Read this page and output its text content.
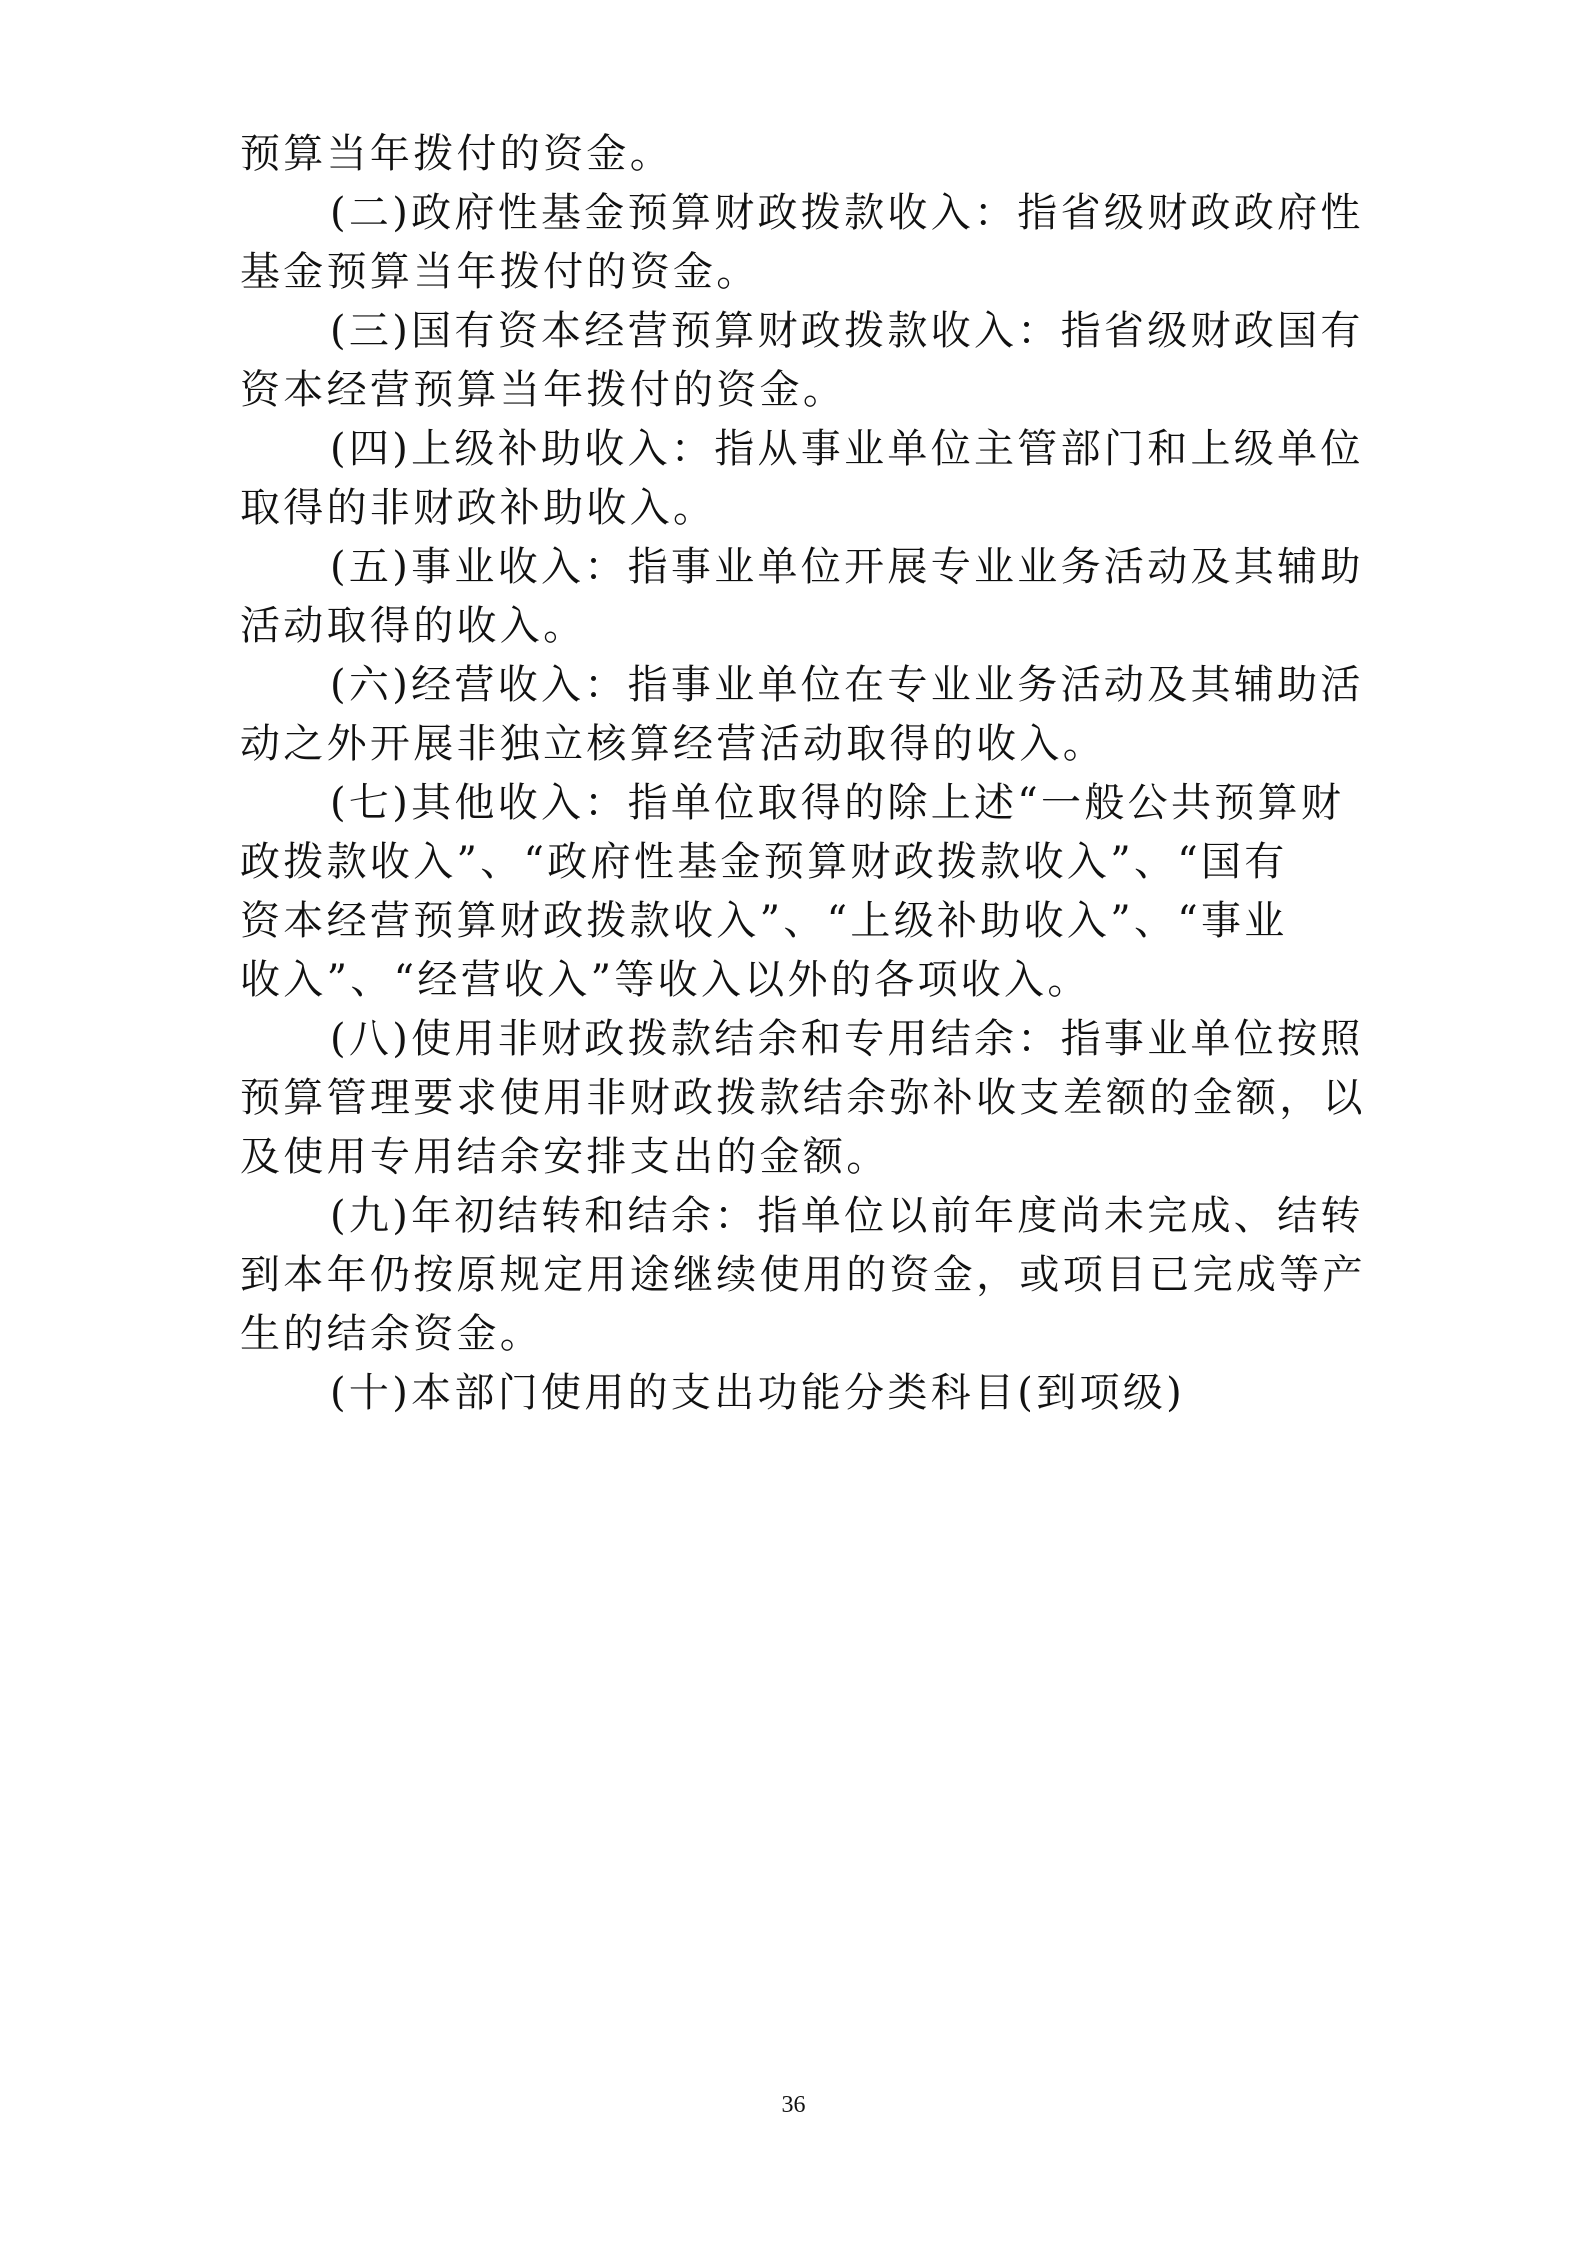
预算当年拨付的资金。
(二)政府性基金预算财政拨款收入：指省级财政政府性
基金预算当年拨付的资金。
(三)国有资本经营预算财政拨款收入：指省级财政国有
资本经营预算当年拨付的资金。
(四)上级补助收入：指从事业单位主管部门和上级单位
取得的非财政补助收入。
(五)事业收入：指事业单位开展专业业务活动及其辅助
活动取得的收入。
(六)经营收入：指事业单位在专业业务活动及其辅助活
动之外开展非独立核算经营活动取得的收入。
(七)其他收入：指单位取得的除上述“一般公共预算财
政拨款收入”、“政府性基金预算财政拨款收入”、“国有
资本经营预算财政拨款收入”、“上级补助收入”、“事业
收入”、“经营收入”等收入以外的各项收入。
(八)使用非财政拨款结余和专用结余：指事业单位按照
预算管理要求使用非财政拨款结余弥补收支差额的金额，以
及使用专用结余安排支出的金额。
(九)年初结转和结余：指单位以前年度尚未完成、结转
到本年仍按原规定用途继续使用的资金，或项目已完成等产
生的结余资金。
(十)本部门使用的支出功能分类科目(到项级)
36
